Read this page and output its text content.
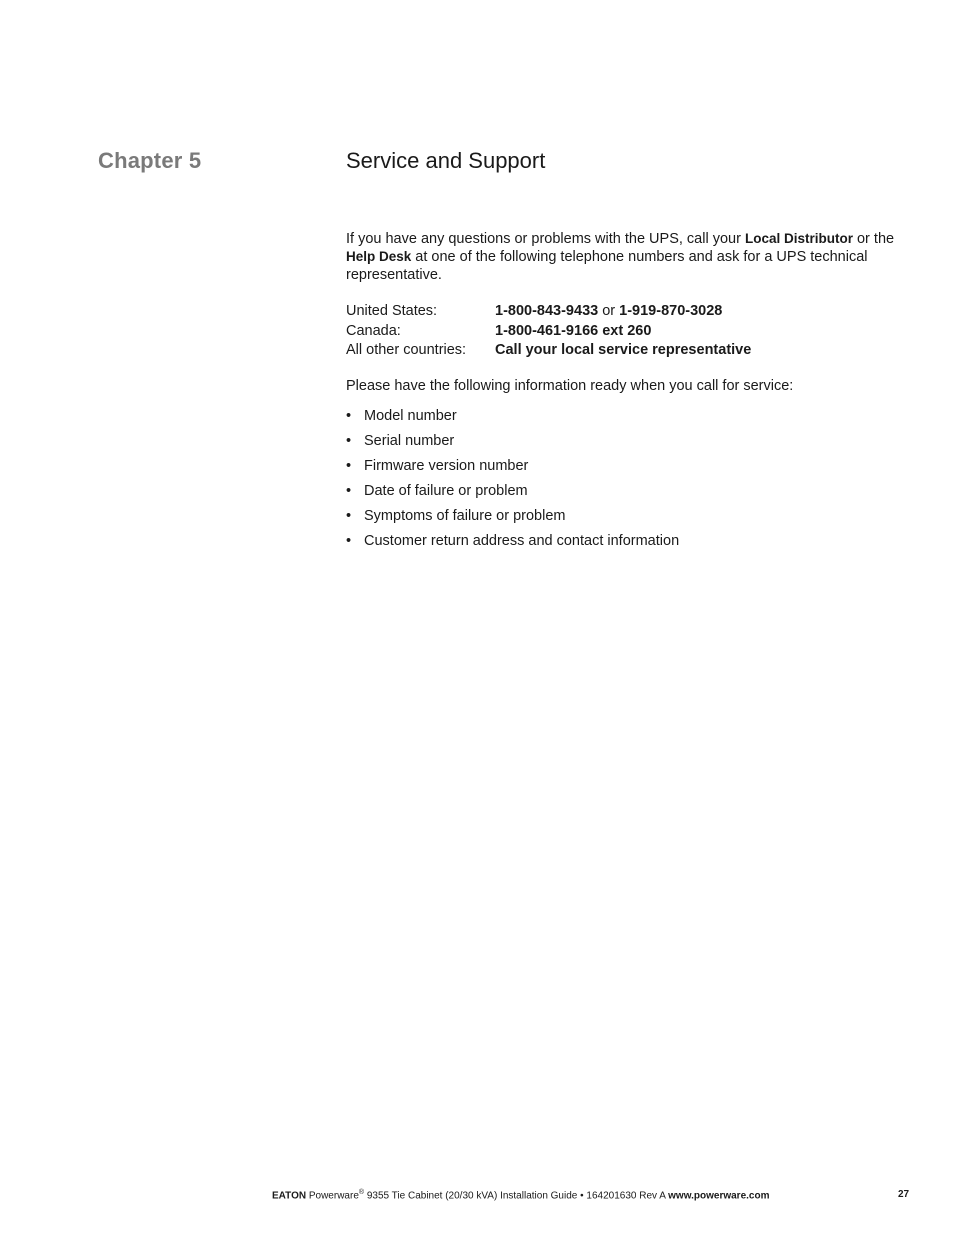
Chapter 5	Service and Support

If you have any questions or problems with the UPS, call your Local Distributor or the Help Desk at one of the following telephone numbers and ask for a UPS technical representative.

United States:	1-800-843-9433 or 1-919-870-3028
Canada:	1-800-461-9166 ext 260
All other countries:	Call your local service representative

Please have the following information ready when you call for service:

• Model number
• Serial number
• Firmware version number
• Date of failure or problem
• Symptoms of failure or problem
• Customer return address and contact information
EATON Powerware® 9355 Tie Cabinet (20/30 kVA) Installation Guide • 164201630 Rev A www.powerware.com	27
